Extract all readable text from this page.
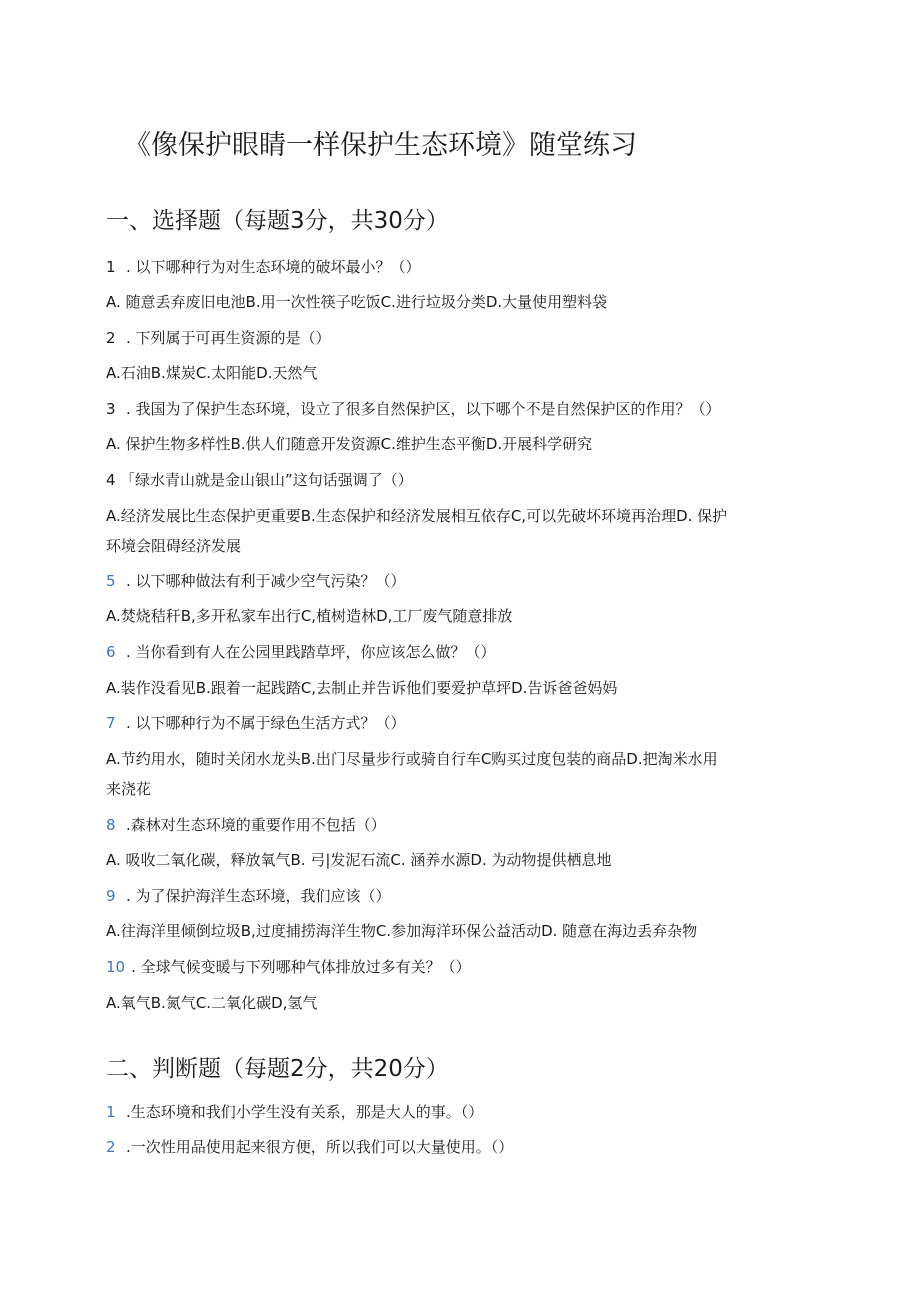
《像保护眼睛一样保护生态环境》随堂练习
一、选择题（每题3分，共30分）
1 . 以下哪种行为对生态环境的破坏最小？（）
A. 随意丢弃废旧电池B.用一次性筷子吃饭C.进行垃圾分类D.大量使用塑料袋
2 . 下列属于可再生资源的是（）
A.石油B.煤炭C.太阳能D.天然气
3 . 我国为了保护生态环境，设立了很多自然保护区，以下哪个不是自然保护区的作用？（）
A. 保护生物多样性B.供人们随意开发资源C.维护生态平衡D.开展科学研究
4 「绿水青山就是金山银山”这句话强调了（）
A.经济发展比生态保护更重要B.生态保护和经济发展相互依存C,可以先破坏环境再治理D. 保护
环境会阻碍经济发展
5 . 以下哪种做法有利于减少空气污染？（）
A.焚烧秸秆B,多开私家车出行C,植树造林D,工厂废气随意排放
6 . 当你看到有人在公园里践踏草坪，你应该怎么做？（）
A.装作没看见B.跟着一起践踏C,去制止并告诉他们要爱护草坪D.告诉爸爸妈妈
7 . 以下哪种行为不属于绿色生活方式？（）
A.节约用水，随时关闭水龙头B.出门尽量步行或骑自行车C购买过度包装的商品D.把淘米水用
来浇花
8 .森林对生态环境的重要作用不包括（）
A. 吸收二氧化碳，释放氧气B. 弓|发泥石流C. 涵养水源D. 为动物提供栖息地
9 . 为了保护海洋生态环境，我们应该（）
A.往海洋里倾倒垃圾B,过度捕捞海洋生物C.参加海洋环保公益活动D. 随意在海边丢弃杂物
10 . 全球气候变暖与下列哪种气体排放过多有关？（）
A.氧气B.氮气C.二氧化碳D,氢气
二、判断题（每题2分，共20分）
1 .生态环境和我们小学生没有关系，那是大人的事。（）
2 .一次性用品使用起来很方便，所以我们可以大量使用。（）
